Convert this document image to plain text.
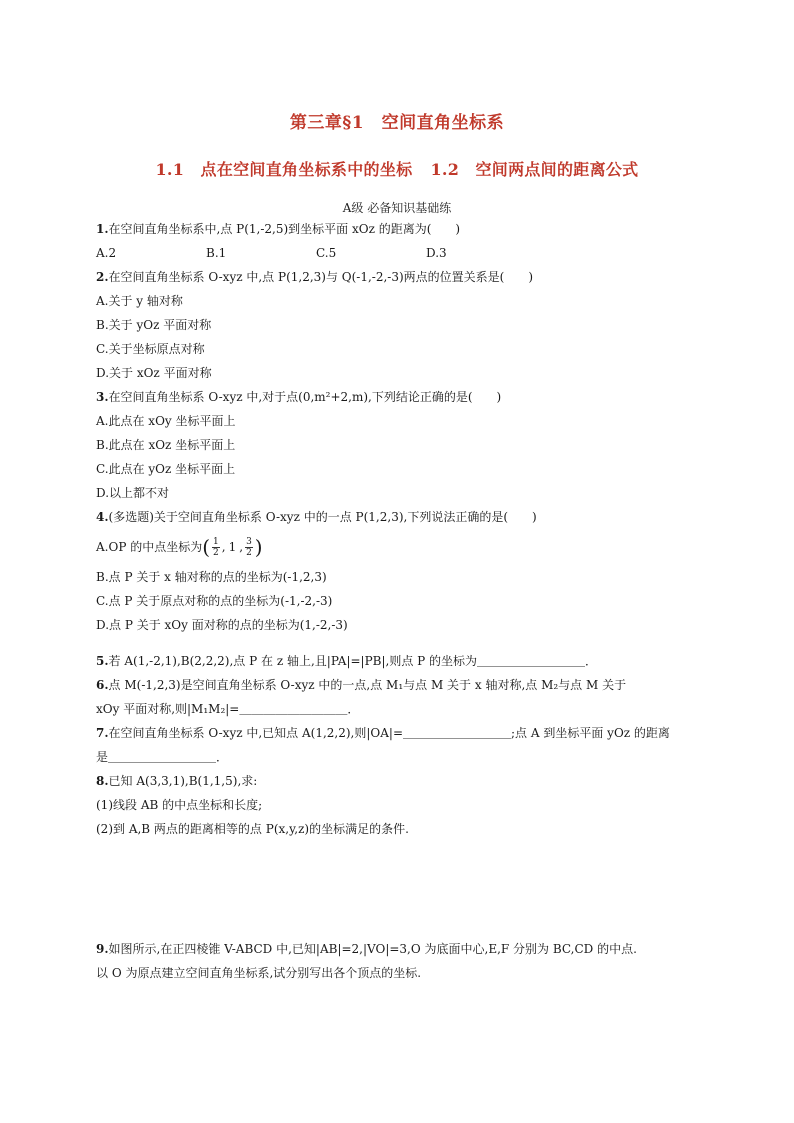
第三章§1　空间直角坐标系
1.1　点在空间直角坐标系中的坐标 1.2　空间两点间的距离公式
A级 必备知识基础练
1.在空间直角坐标系中,点 P(1,-2,5)到坐标平面 xOz 的距离为(　　)
A.2	B.1	C.5	D.3
2.在空间直角坐标系 O-xyz 中,点 P(1,2,3)与 Q(-1,-2,-3)两点的位置关系是(　　)
A.关于 y 轴对称
B.关于 yOz 平面对称
C.关于坐标原点对称
D.关于 xOz 平面对称
3.在空间直角坐标系 O-xyz 中,对于点(0,m²+2,m),下列结论正确的是(　　)
A.此点在 xOy 坐标平面上
B.此点在 xOz 坐标平面上
C.此点在 yOz 坐标平面上
D.以上都不对
4.(多选题)关于空间直角坐标系 O-xyz 中的一点 P(1,2,3),下列说法正确的是(　　)
A.OP 的中点坐标为 ( $\frac{1}{2}$ , 1 , $\frac{3}{2}$ )
B.点 P 关于 x 轴对称的点的坐标为(-1,2,3)
C.点 P 关于原点对称的点的坐标为(-1,-2,-3)
D.点 P 关于 xOy 面对称的点的坐标为(1,-2,-3)
5.若 A(1,-2,1),B(2,2,2),点 P 在 z 轴上,且|PA|=|PB|,则点 P 的坐标为＿＿＿＿＿＿＿＿＿．
6.点 M(-1,2,3)是空间直角坐标系 O-xyz 中的一点,点 M₁与点 M 关于 x 轴对称,点 M₂与点 M 关于
xOy 平面对称,则|M₁M₂|=＿＿＿＿＿＿＿＿＿．
7.在空间直角坐标系 O-xyz 中,已知点 A(1,2,2),则|OA|=＿＿＿＿＿＿＿＿＿;点 A 到坐标平面 yOz 的距离
是＿＿＿＿＿＿＿＿＿．
8.已知 A(3,3,1),B(1,1,5),求:
(1)线段 AB 的中点坐标和长度;
(2)到 A,B 两点的距离相等的点 P(x,y,z)的坐标满足的条件.
9.如图所示,在正四棱锥 V-ABCD 中,已知|AB|=2,|VO|=3,O 为底面中心,E,F 分别为 BC,CD 的中点.
以 O 为原点建立空间直角坐标系,试分别写出各个顶点的坐标.
